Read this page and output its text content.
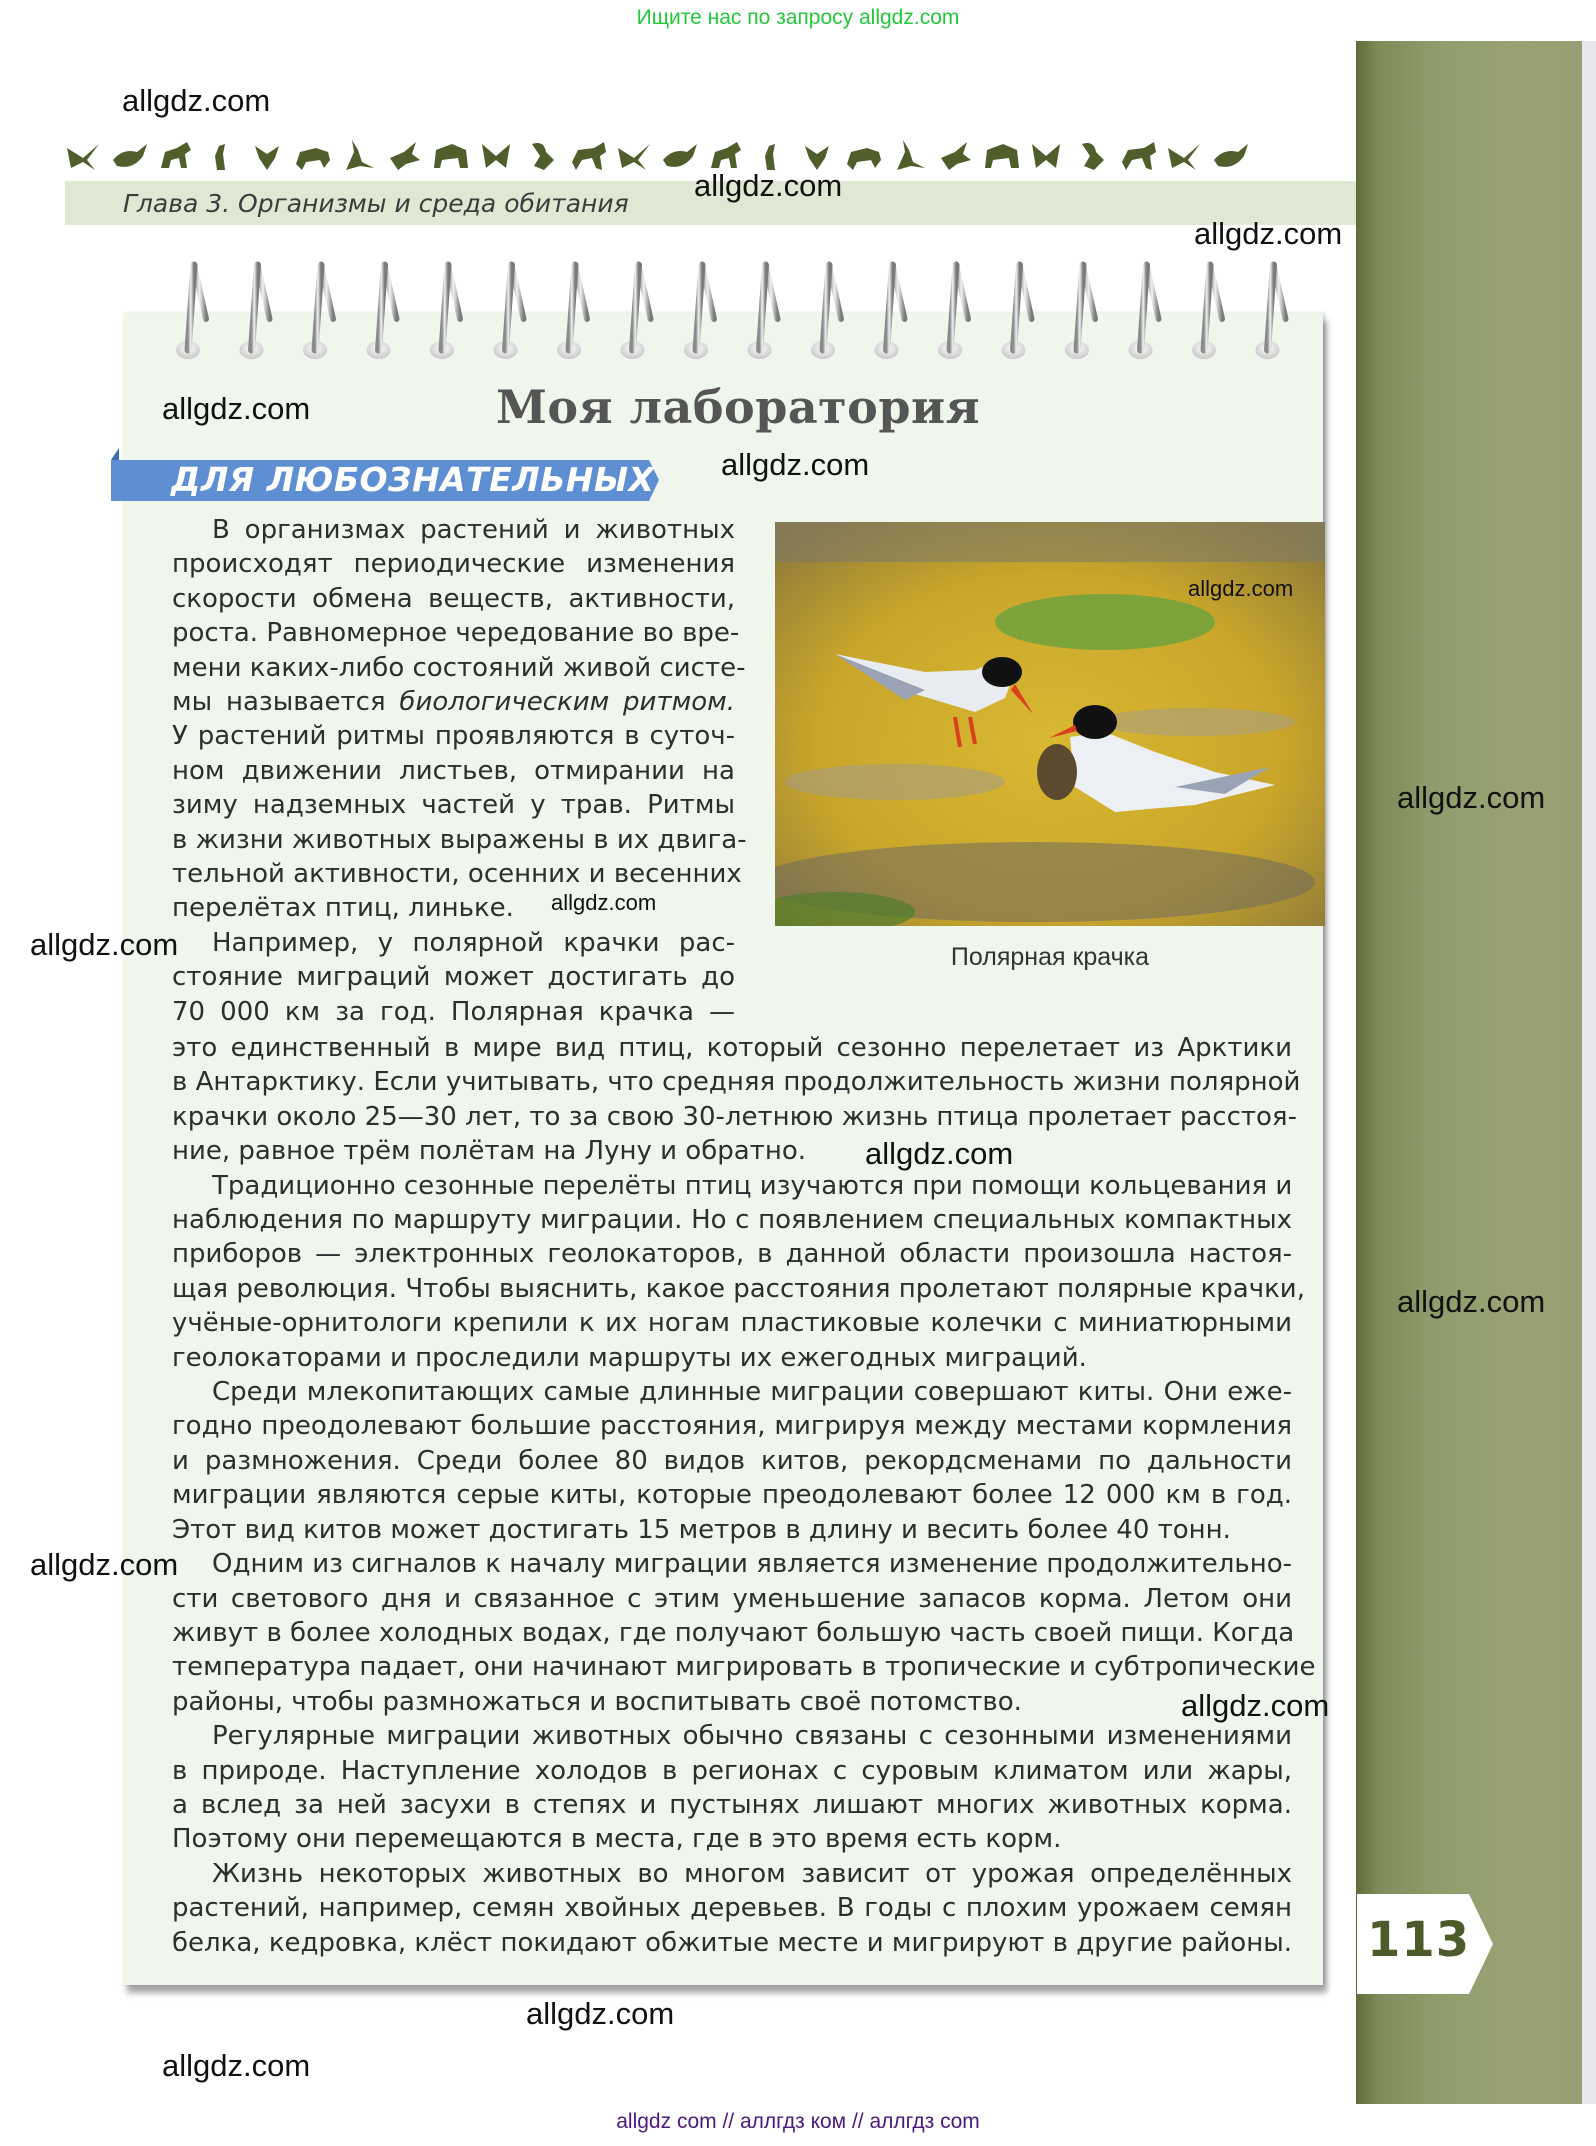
Ищите нас по запросу allgdz.com
113
Глава 3. Организмы и среда обитания
Моя лаборатория
ДЛЯ ЛЮБОЗНАТЕЛЬНЫХ
В организмах растений и животных
происходят периодические изменения
скорости обмена веществ, активности,
роста. Равномерное чередование во вре-
мени каких-либо состояний живой систе-
мы называется биологическим ритмом.
У растений ритмы проявляются в суточ-
ном движении листьев, отмирании на
зиму надземных частей у трав. Ритмы
в жизни животных выражены в их двига-
тельной активности, осенних и весенних
перелётах птиц, линьке.
Например, у полярной крачки рас-
стояние миграций может достигать до
70 000 км за год. Полярная крачка —
Полярная крачка
это единственный в мире вид птиц, который сезонно перелетает из Арктики
в Антарктику. Если учитывать, что средняя продолжительность жизни полярной
крачки около 25—30 лет, то за свою 30-летнюю жизнь птица пролетает расстоя-
ние, равное трём полётам на Луну и обратно.
Традиционно сезонные перелёты птиц изучаются при помощи кольцевания и
наблюдения по маршруту миграции. Но с появлением специальных компактных
приборов — электронных геолокаторов, в данной области произошла настоя-
щая революция. Чтобы выяснить, какое расстояния пролетают полярные крачки,
учёные-орнитологи крепили к их ногам пластиковые колечки с миниатюрными
геолокаторами и проследили маршруты их ежегодных миграций.
Среди млекопитающих самые длинные миграции совершают киты. Они еже-
годно преодолевают большие расстояния, мигрируя между местами кормления
и размножения. Среди более 80 видов китов, рекордсменами по дальности
миграции являются серые киты, которые преодолевают более 12 000 км в год.
Этот вид китов может достигать 15 метров в длину и весить более 40 тонн.
Одним из сигналов к началу миграции является изменение продолжительно-
сти светового дня и связанное с этим уменьшение запасов корма. Летом они
живут в более холодных водах, где получают большую часть своей пищи. Когда
температура падает, они начинают мигрировать в тропические и субтропические
районы, чтобы размножаться и воспитывать своё потомство.
Регулярные миграции животных обычно связаны с сезонными изменениями
в природе. Наступление холодов в регионах с суровым климатом или жары,
а вслед за ней засухи в степях и пустынях лишают многих животных корма.
Поэтому они перемещаются в места, где в это время есть корм.
Жизнь некоторых животных во многом зависит от урожая определённых
растений, например, семян хвойных деревьев. В годы с плохим урожаем семян
белка, кедровка, клёст покидают обжитые месте и мигрируют в другие районы.
allgdz.com
allgdz.com
allgdz.com
allgdz.com
allgdz.com
allgdz.com
allgdz.com
allgdz.com
allgdz.com
allgdz.com
allgdz.com
allgdz.com
allgdz.com
allgdz.com
allgdz.com
allgdz com // аллгдз ком // аллгдз com
